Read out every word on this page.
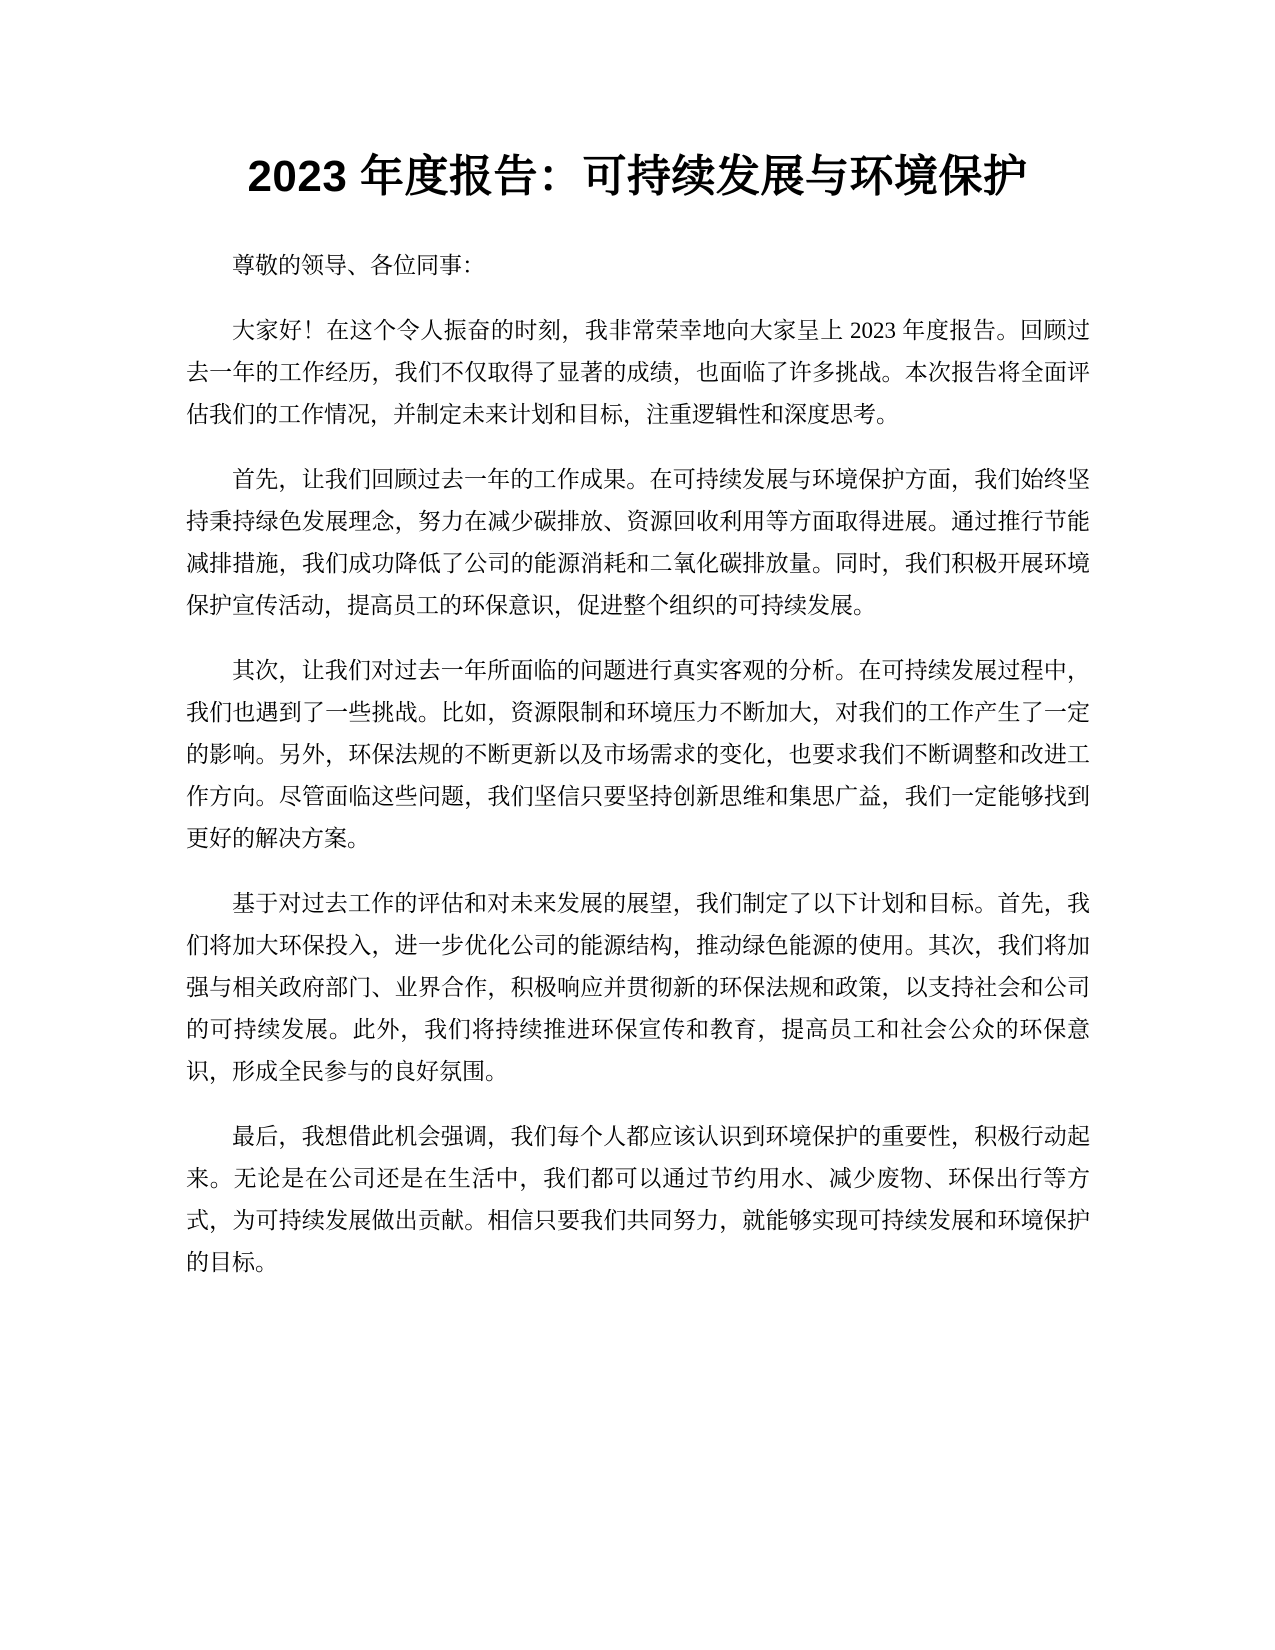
2023 年度报告：可持续发展与环境保护

尊敬的领导、各位同事：

大家好！在这个令人振奋的时刻，我非常荣幸地向大家呈上 2023 年度报告。回顾过去一年的工作经历，我们不仅取得了显著的成绩，也面临了许多挑战。本次报告将全面评估我们的工作情况，并制定未来计划和目标，注重逻辑性和深度思考。

首先，让我们回顾过去一年的工作成果。在可持续发展与环境保护方面，我们始终坚持秉持绿色发展理念，努力在减少碳排放、资源回收利用等方面取得进展。通过推行节能减排措施，我们成功降低了公司的能源消耗和二氧化碳排放量。同时，我们积极开展环境保护宣传活动，提高员工的环保意识，促进整个组织的可持续发展。

其次，让我们对过去一年所面临的问题进行真实客观的分析。在可持续发展过程中，我们也遇到了一些挑战。比如，资源限制和环境压力不断加大，对我们的工作产生了一定的影响。另外，环保法规的不断更新以及市场需求的变化，也要求我们不断调整和改进工作方向。尽管面临这些问题，我们坚信只要坚持创新思维和集思广益，我们一定能够找到更好的解决方案。

基于对过去工作的评估和对未来发展的展望，我们制定了以下计划和目标。首先，我们将加大环保投入，进一步优化公司的能源结构，推动绿色能源的使用。其次，我们将加强与相关政府部门、业界合作，积极响应并贯彻新的环保法规和政策，以支持社会和公司的可持续发展。此外，我们将持续推进环保宣传和教育，提高员工和社会公众的环保意识，形成全民参与的良好氛围。

最后，我想借此机会强调，我们每个人都应该认识到环境保护的重要性，积极行动起来。无论是在公司还是在生活中，我们都可以通过节约用水、减少废物、环保出行等方式，为可持续发展做出贡献。相信只要我们共同努力，就能够实现可持续发展和环境保护的目标。
